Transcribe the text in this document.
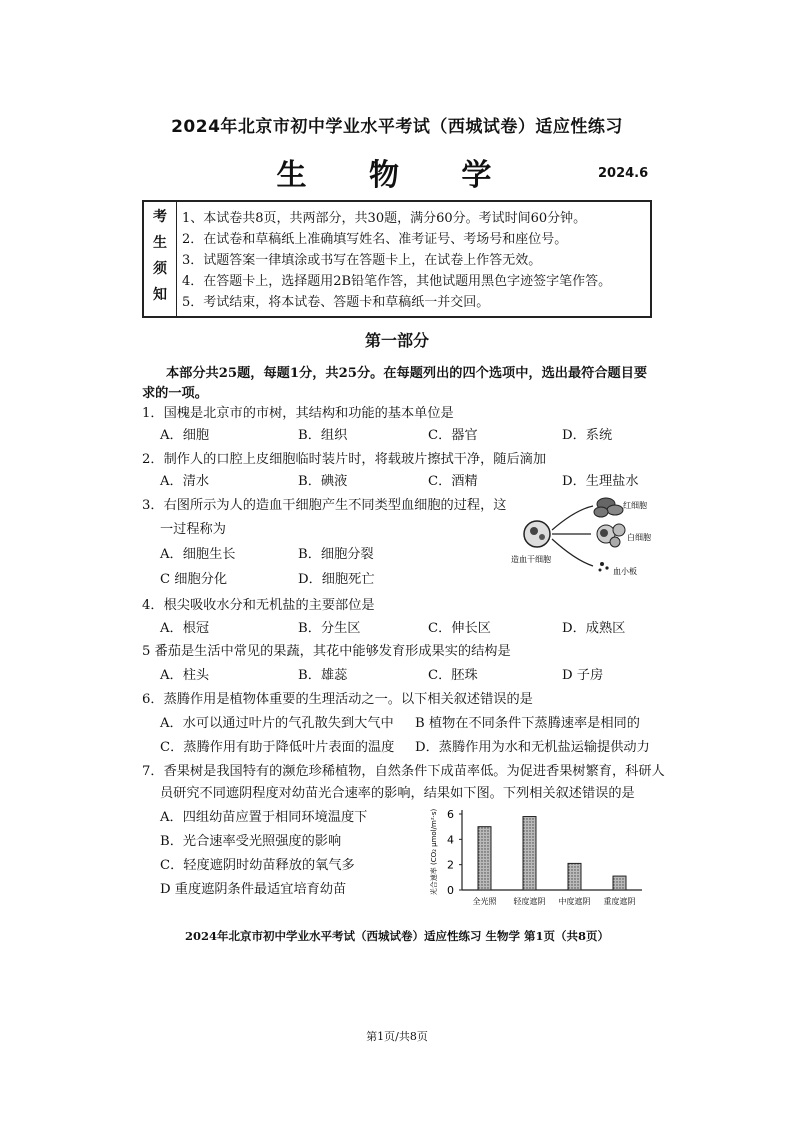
2024年北京市初中学业水平考试（西城试卷）适应性练习
生 物 学	2024.6
考
生
须
知
1、本试卷共8页，共两部分，共30题，满分60分。考试时间60分钟。
2．在试卷和草稿纸上准确填写姓名、准考证号、考场号和座位号。
3．试题答案一律填涂或书写在答题卡上，在试卷上作答无效。
4．在答题卡上，选择题用2B铅笔作答，其他试题用黑色字迹签字笔作答。
5．考试结束，将本试卷、答题卡和草稿纸一并交回。
第一部分
本部分共25题，每题1分，共25分。在每题列出的四个选项中，选出最符合题目要
求的一项。
1．国槐是北京市的市树，其结构和功能的基本单位是
A．细胞	B．组织	C．器官	D．系统
2．制作人的口腔上皮细胞临时装片时，将载玻片擦拭干净，随后滴加
A．清水	B．碘液	C．酒精	D．生理盐水
3．右图所示为人的造血干细胞产生不同类型血细胞的过程，这
一过程称为
A．细胞生长	B．细胞分裂
C 细胞分化	D．细胞死亡
红细胞
白细胞
血小板
造血干细胞
4．根尖吸收水分和无机盐的主要部位是
A．根冠	B．分生区	C．伸长区	D．成熟区
5 番茄是生活中常见的果蔬，其花中能够发育形成果实的结构是
A．柱头	B．雄蕊	C．胚珠	D 子房
6．蒸腾作用是植物体重要的生理活动之一。以下相关叙述错误的是
A．水可以通过叶片的气孔散失到大气中 B 植物在不同条件下蒸腾速率是相同的
C．蒸腾作用有助于降低叶片表面的温度 D．蒸腾作用为水和无机盐运输提供动力
7．香果树是我国特有的濒危珍稀植物，自然条件下成苗率低。为促进香果树繁育，科研人
员研究不同遮阴程度对幼苗光合速率的影响，结果如下图。下列相关叙述错误的是
A．四组幼苗应置于相同环境温度下
B．光合速率受光照强度的影响
C．轻度遮阴时幼苗释放的氧气多
D 重度遮阴条件最适宜培育幼苗	0
2
4
6
光合速率 (CO₂ μmol/m²·s)
全光照 轻度遮阴 中度遮阴 重度遮阴
2024年北京市初中学业水平考试（西城试卷）适应性练习 生物学 第1页（共8页）
第1页/共8页
